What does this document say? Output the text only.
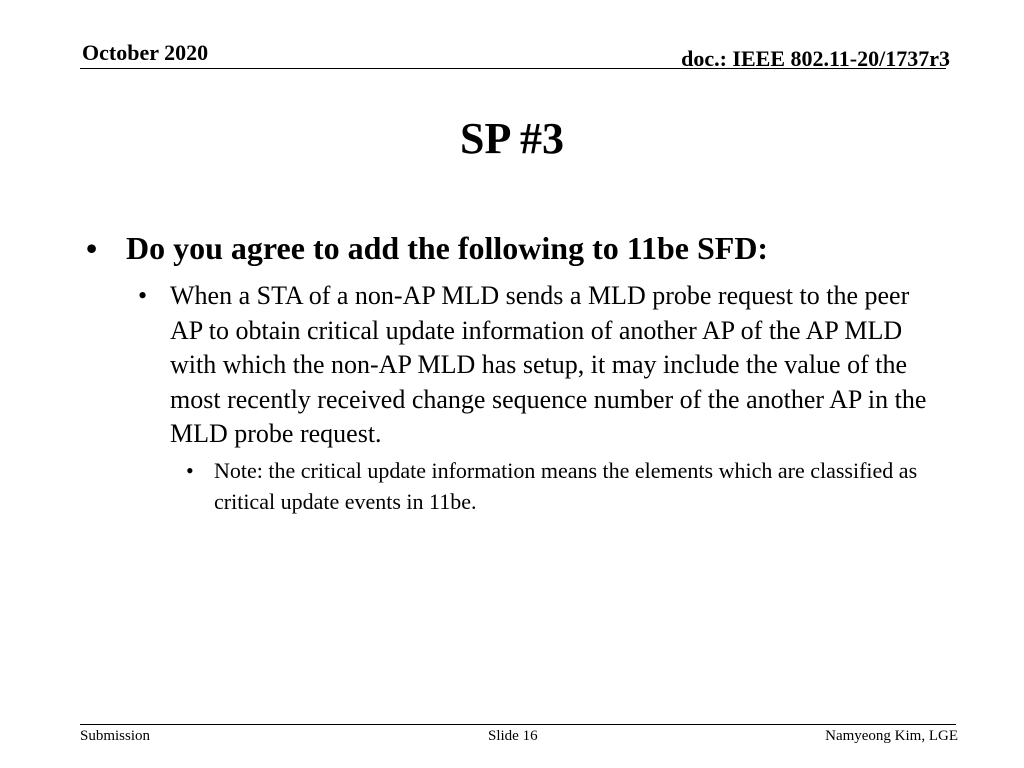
October 2020	doc.: IEEE 802.11-20/1737r3
SP #3
• Do you agree to add the following to 11be SFD:
• When a STA of a non-AP MLD sends a MLD probe request to the peer AP to obtain critical update information of another AP of the AP MLD with which the non-AP MLD has setup, it may include the value of the most recently received change sequence number of the another AP in the MLD probe request.
• Note: the critical update information means the elements which are classified as critical update events in 11be.
Submission	Slide 16	Namyeong Kim, LGE
